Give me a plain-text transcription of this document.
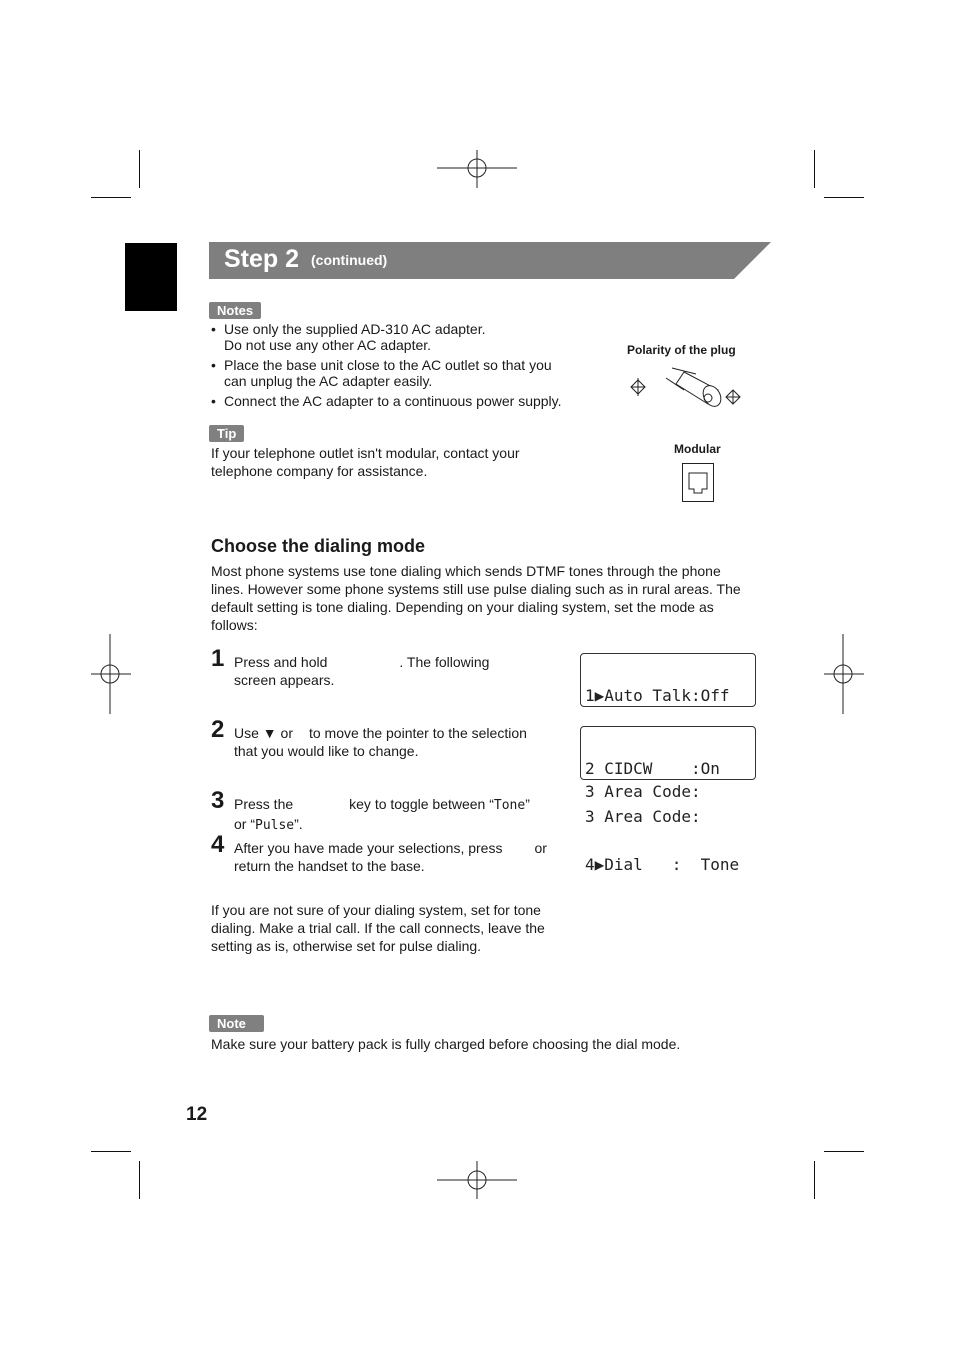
Step 2 (continued)
Notes
• Use only the supplied AD-310 AC adapter. Do not use any other AC adapter.
• Place the base unit close to the AC outlet so that you can unplug the AC adapter easily.
• Connect the AC adapter to a continuous power supply.
Polarity of the plug
Tip
If your telephone outlet isn't modular, contact your telephone company for assistance.
Modular
Choose the dialing mode
Most phone systems use tone dialing which sends DTMF tones through the phone lines. However some phone systems still use pulse dialing such as in rural areas. The default setting is tone dialing. Depending on your dialing system, set the mode as follows:
1 Press and hold	. The following
screen appears.

1▶Auto Talk:Off

3 Area Code:

2 Use ▼ or to move the pointer to the selection
that you would like to change.

2 CIDCW    :On

3 Area Code:

4▶Dial   :  Tone

3 Press the	key to toggle between “Tone”
or “Pulse”.
4 After you have made your selections, press or
return the handset to the base.
If you are not sure of your dialing system, set for tone dialing. Make a trial call. If the call connects, leave the setting as is, otherwise set for pulse dialing.
Note
Make sure your battery pack is fully charged before choosing the dial mode.
12
